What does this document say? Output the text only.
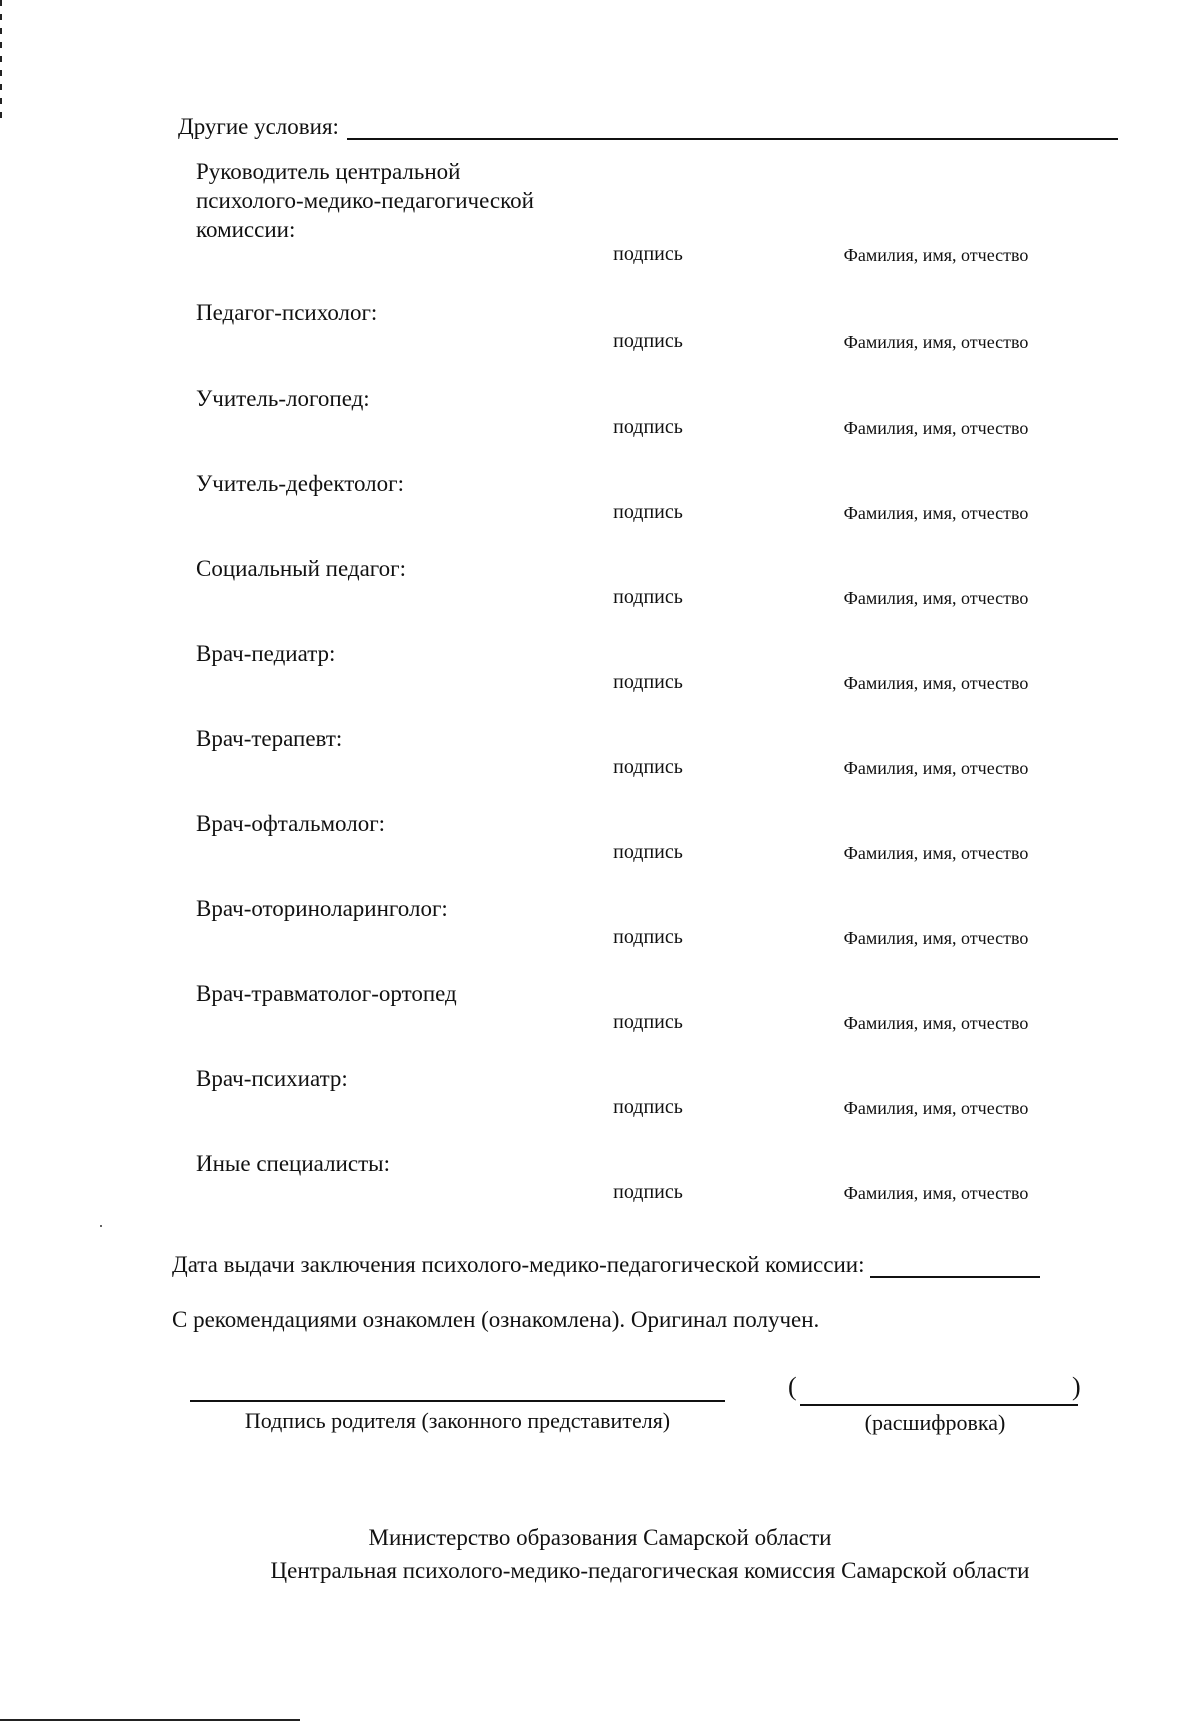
Другие условия:
Руководитель центральной
психолого-медико-педагогической
комиссии:
подпись	Фамилия, имя, отчество
Педагог-психолог:
подпись	Фамилия, имя, отчество
Учитель-логопед:
подпись	Фамилия, имя, отчество
Учитель-дефектолог:
подпись	Фамилия, имя, отчество
Социальный педагог:
подпись	Фамилия, имя, отчество
Врач-педиатр:
подпись	Фамилия, имя, отчество
Врач-терапевт:
подпись	Фамилия, имя, отчество
Врач-офтальмолог:
подпись	Фамилия, имя, отчество
Врач-оториноларинголог:
подпись	Фамилия, имя, отчество
Врач-травматолог-ортопед
подпись	Фамилия, имя, отчество
Врач-психиатр:
подпись	Фамилия, имя, отчество
Иные специалисты:
подпись	Фамилия, имя, отчество
Дата выдачи заключения психолого-медико-педагогической комиссии:
С рекомендациями ознакомлен (ознакомлена). Оригинал получен.
Подпись родителя (законного представителя)
(	)
(расшифровка)
Министерство образования Самарской области
Центральная психолого-медико-педагогическая комиссия Самарской области
